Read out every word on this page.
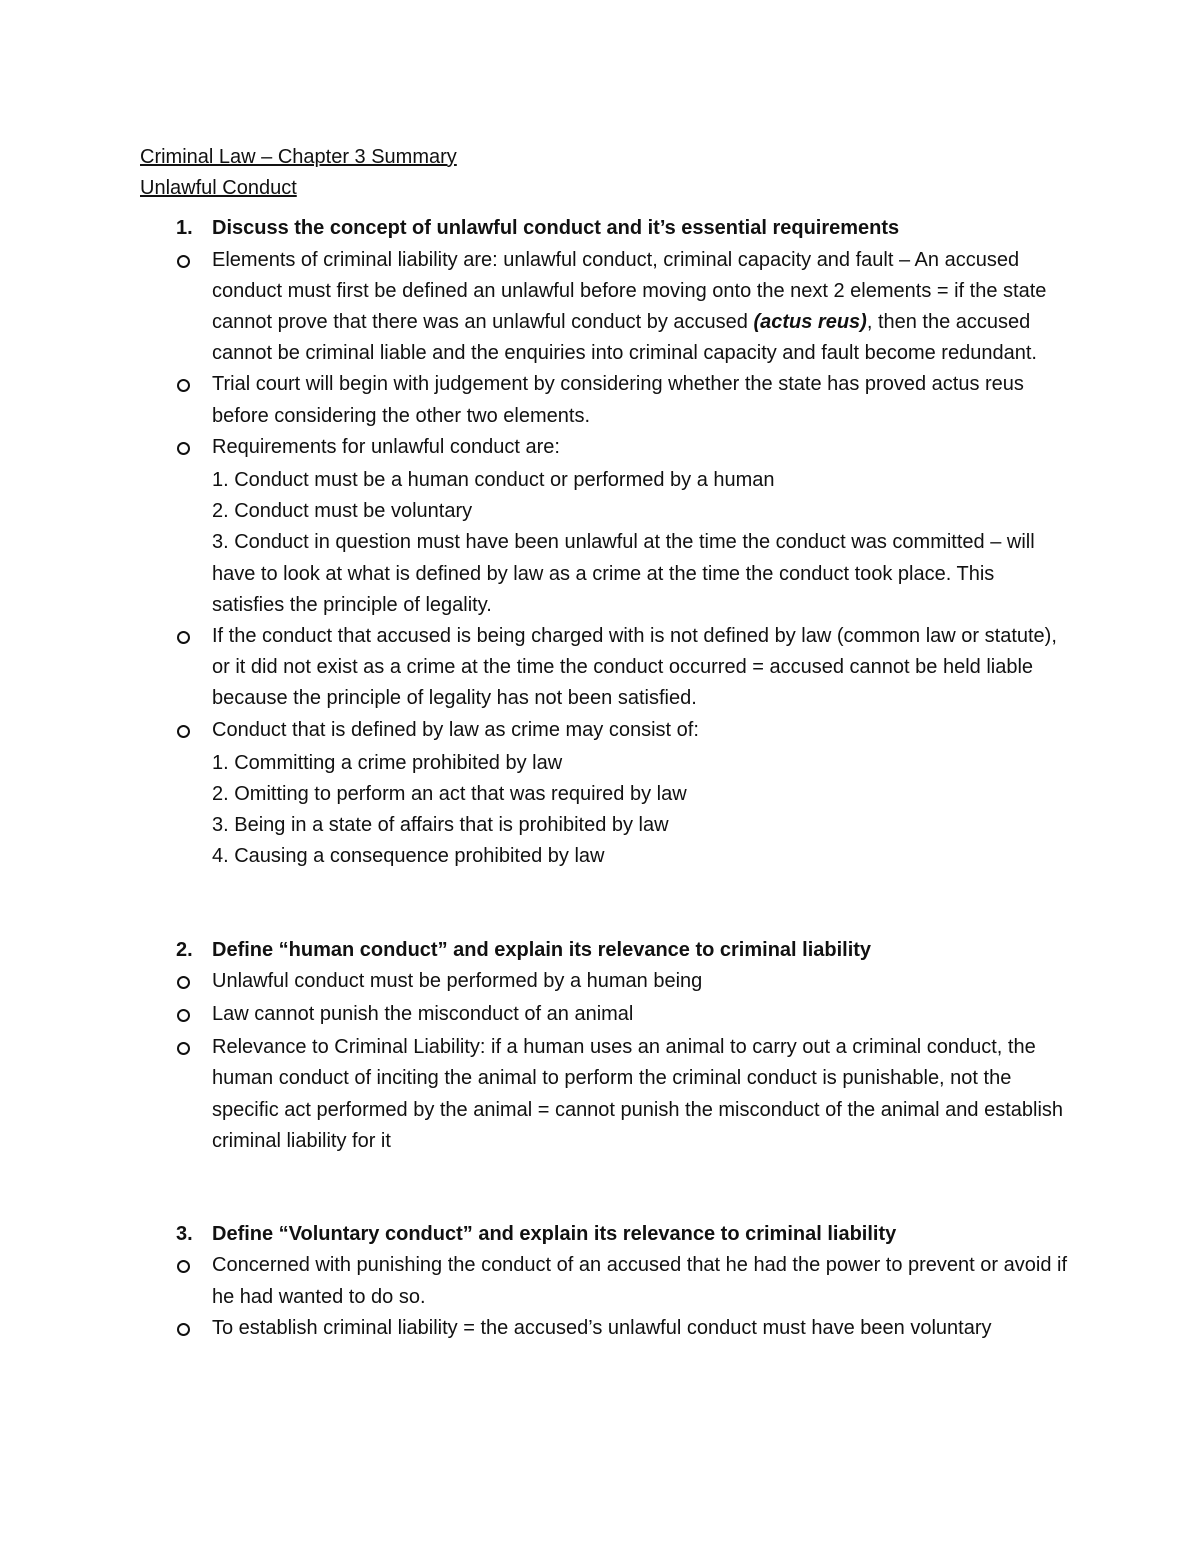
Criminal Law – Chapter 3 Summary

Unlawful Conduct

1. Discuss the concept of unlawful conduct and it’s essential requirements
Elements of criminal liability are: unlawful conduct, criminal capacity and fault – An accused conduct must first be defined an unlawful before moving onto the next 2 elements = if the state cannot prove that there was an unlawful conduct by accused (actus reus), then the accused cannot be criminal liable and the enquiries into criminal capacity and fault become redundant.
Trial court will begin with judgement by considering whether the state has proved actus reus before considering the other two elements.
Requirements for unlawful conduct are:
1. Conduct must be a human conduct or performed by a human
2. Conduct must be voluntary
3. Conduct in question must have been unlawful at the time the conduct was committed – will have to look at what is defined by law as a crime at the time the conduct took place. This satisfies the principle of legality.
If the conduct that accused is being charged with is not defined by law (common law or statute), or it did not exist as a crime at the time the conduct occurred = accused cannot be held liable because the principle of legality has not been satisfied.
Conduct that is defined by law as crime may consist of:
1. Committing a crime prohibited by law
2. Omitting to perform an act that was required by law
3. Being in a state of affairs that is prohibited by law
4. Causing a consequence prohibited by law
2. Define “human conduct” and explain its relevance to criminal liability
Unlawful conduct must be performed by a human being
Law cannot punish the misconduct of an animal
Relevance to Criminal Liability: if a human uses an animal to carry out a criminal conduct, the human conduct of inciting the animal to perform the criminal conduct is punishable, not the specific act performed by the animal = cannot punish the misconduct of the animal and establish criminal liability for it
3. Define “Voluntary conduct” and explain its relevance to criminal liability
Concerned with punishing the conduct of an accused that he had the power to prevent or avoid if he had wanted to do so.
To establish criminal liability = the accused’s unlawful conduct must have been voluntary
